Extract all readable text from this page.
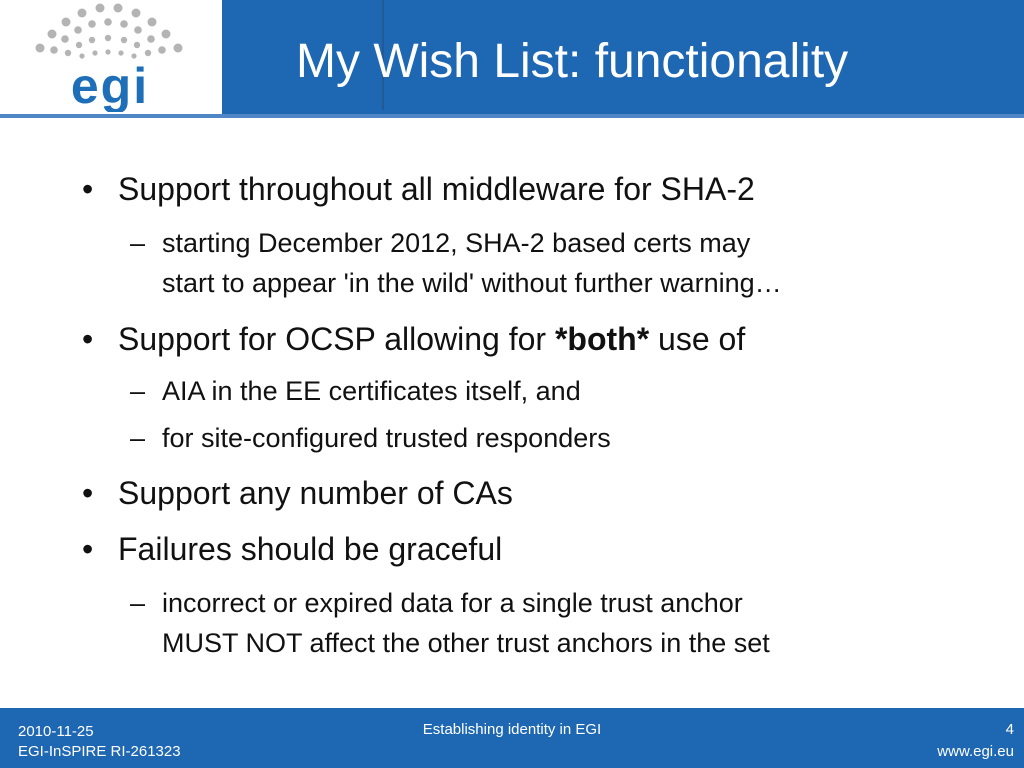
egi	My Wish List: functionality
• Support throughout all middleware for SHA-2
– starting December 2012, SHA-2 based certs may
start to appear 'in the wild' without further warning…
• Support for OCSP allowing for *both* use of
– AIA in the EE certificates itself, and
– for site-configured trusted responders
• Support any number of CAs
• Failures should be graceful
– incorrect or expired data for a single trust anchor
MUST NOT affect the other trust anchors in the set
2010-11-25
EGI-InSPIRE RI-261323
Establishing identity in EGI	4
www.egi.eu
